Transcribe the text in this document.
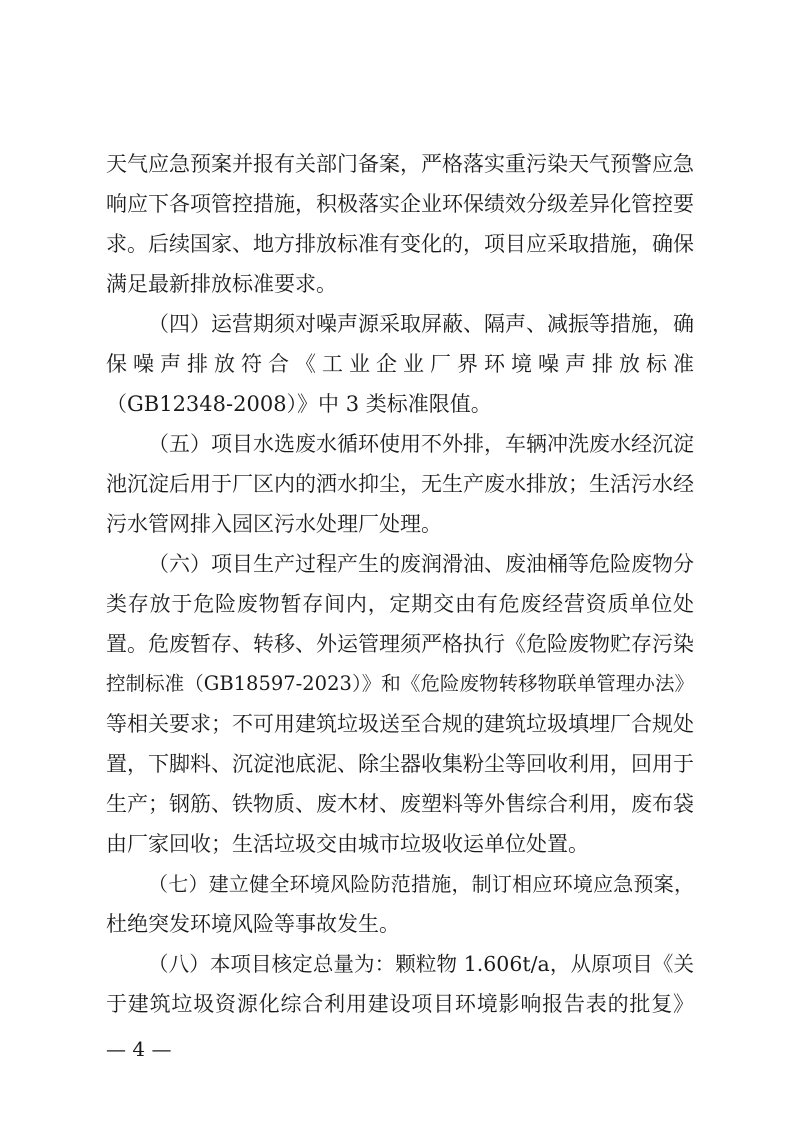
天气应急预案并报有关部门备案，严格落实重污染天气预警应急
响应下各项管控措施，积极落实企业环保绩效分级差异化管控要
求。后续国家、地方排放标准有变化的，项目应采取措施，确保
满足最新排放标准要求。
（四）运营期须对噪声源采取屏蔽、隔声、减振等措施，确
保噪声排放符合《工业企业厂界环境噪声排放标准
（GB12348-2008）》中 3 类标准限值。
（五）项目水选废水循环使用不外排，车辆冲洗废水经沉淀
池沉淀后用于厂区内的洒水抑尘，无生产废水排放；生活污水经
污水管网排入园区污水处理厂处理。
（六）项目生产过程产生的废润滑油、废油桶等危险废物分
类存放于危险废物暂存间内，定期交由有危废经营资质单位处
置。危废暂存、转移、外运管理须严格执行《危险废物贮存污染
控制标准（GB18597-2023）》和《危险废物转移物联单管理办法》
等相关要求；不可用建筑垃圾送至合规的建筑垃圾填埋厂合规处
置，下脚料、沉淀池底泥、除尘器收集粉尘等回收利用，回用于
生产；钢筋、铁物质、废木材、废塑料等外售综合利用，废布袋
由厂家回收；生活垃圾交由城市垃圾收运单位处置。
（七）建立健全环境风险防范措施，制订相应环境应急预案，
杜绝突发环境风险等事故发生。
（八）本项目核定总量为：颗粒物 1.606t/a，从原项目《关
于建筑垃圾资源化综合利用建设项目环境影响报告表的批复》
— 4 —
